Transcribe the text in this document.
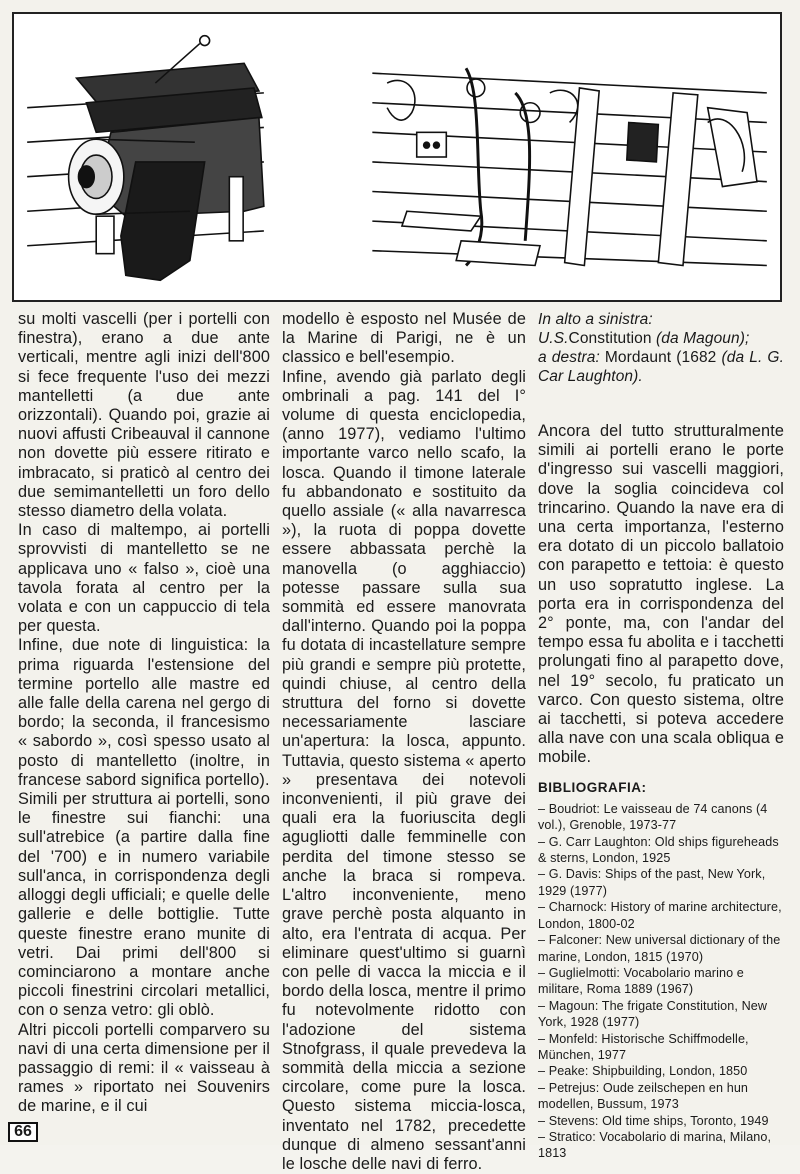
su molti vascelli (per i portelli con finestra), erano a due ante verticali, mentre agli inizi dell'800 si fece frequente l'uso dei mezzi mantelletti (a due ante orizzontali). Quando poi, grazie ai nuovi affusti Cribeauval il cannone non dovette più essere ritirato e imbracato, si praticò al centro dei due semimantelletti un foro dello stesso diametro della volata.

In caso di maltempo, ai portelli sprovvisti di mantelletto se ne applicava uno « falso », cioè una tavola forata al centro per la volata e con un cappuccio di tela per questa.

Infine, due note di linguistica: la prima riguarda l'estensione del termine portello alle mastre ed alle falle della carena nel gergo di bordo; la seconda, il francesismo « sabordo », così spesso usato al posto di mantelletto (inoltre, in francese sabord significa portello).

Simili per struttura ai portelli, sono le finestre sui fianchi: una sull'atrebice (a partire dalla fine del '700) e in numero variabile sull'anca, in corrispondenza degli alloggi degli ufficiali; e quelle delle gallerie e delle bottiglie. Tutte queste finestre erano munite di vetri. Dai primi dell'800 si cominciarono a montare anche piccoli finestrini circolari metallici, con o senza vetro: gli oblò.

Altri piccoli portelli comparvero su navi di una certa dimensione per il passaggio di remi: il « vaisseau à rames » riportato nei Souvenirs de marine, e il cui

modello è esposto nel Musée de la Marine di Parigi, ne è un classico e bell'esempio.

Infine, avendo già parlato degli ombrinali a pag. 141 del I° volume di questa enciclopedia, (anno 1977), vediamo l'ultimo importante varco nello scafo, la losca. Quando il timone laterale fu abbandonato e sostituito da quello assiale (« alla navarresca »), la ruota di poppa dovette essere abbassata perchè la manovella (o agghiaccio) potesse passare sulla sua sommità ed essere manovrata dall'interno. Quando poi la poppa fu dotata di incastellature sempre più grandi e sempre più protette, quindi chiuse, al centro della struttura del forno si dovette necessariamente lasciare un'apertura: la losca, appunto. Tuttavia, questo sistema « aperto » presentava dei notevoli inconvenienti, il più grave dei quali era la fuoriuscita degli agugliotti dalle femminelle con perdita del timone stesso se anche la braca si rompeva. L'altro inconveniente, meno grave perchè posta alquanto in alto, era l'entrata di acqua. Per eliminare quest'ultimo si guarnì con pelle di vacca la miccia e il bordo della losca, mentre il primo fu notevolmente ridotto con l'adozione del sistema Stnofgrass, il quale prevedeva la sommità della miccia a sezione circolare, come pure la losca. Questo sistema miccia-losca, inventato nel 1782, precedette dunque di almeno sessant'anni le losche delle navi di ferro.

In alto a sinistra:
U.S.Constitution (da Magoun);
a destra: Mordaunt (1682 (da L. G. Car Laughton).

Ancora del tutto strutturalmente simili ai portelli erano le porte d'ingresso sui vascelli maggiori, dove la soglia coincideva col trincarino. Quando la nave era di una certa importanza, l'esterno era dotato di un piccolo ballatoio con parapetto e tettoia: è questo un uso sopratutto inglese. La porta era in corrispondenza del 2° ponte, ma, con l'andar del tempo essa fu abolita e i tacchetti prolungati fino al parapetto dove, nel 19° secolo, fu praticato un varco. Con questo sistema, oltre ai tacchetti, si poteva accedere alla nave con una scala obliqua e mobile.

BIBLIOGRAFIA:

– Boudriot: Le vaisseau de 74 canons (4 vol.), Grenoble, 1973-77
– G. Carr Laughton: Old ships figureheads & sterns, London, 1925
– G. Davis: Ships of the past, New York, 1929 (1977)
– Charnock: History of marine architecture, London, 1800-02
– Falconer: New universal dictionary of the marine, London, 1815 (1970)
– Guglielmotti: Vocabolario marino e militare, Roma 1889 (1967)
– Magoun: The frigate Constitution, New York, 1928 (1977)
– Monfeld: Historische Schiffmodelle, München, 1977
– Peake: Shipbuilding, London, 1850
– Petrejus: Oude zeilschepen en hun modellen, Bussum, 1973
– Stevens: Old time ships, Toronto, 1949
– Stratico: Vocabolario di marina, Milano, 1813
66
